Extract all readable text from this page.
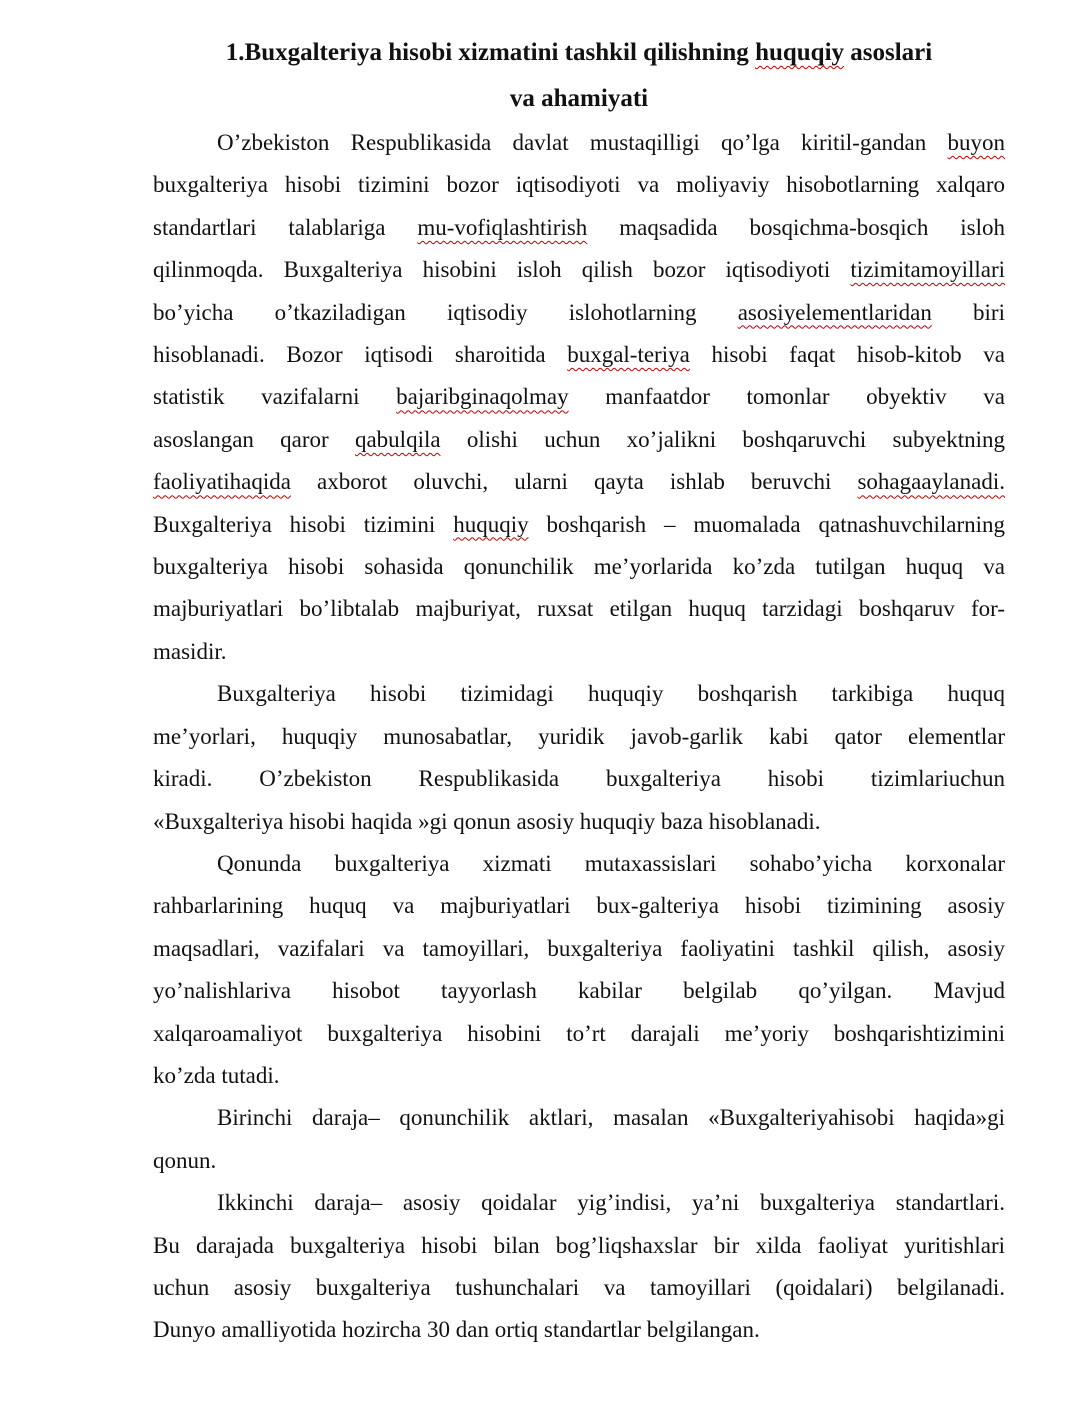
1.Buxgalteriya hisobi xizmatini tashkil qilishning huquqiy asoslari
va ahamiyati

O’zbekiston Respublikasida davlat mustaqilligi qo’lga kiritil-gandan buyon
buxgalteriya hisobi tizimini bozor iqtisodiyoti va moliyaviy hisobotlarning xalqaro
standartlari talablariga mu-vofiqlashtirish maqsadida bosqichma-bosqich isloh
qilinmoqda. Buxgalteriya hisobini isloh qilish bozor iqtisodiyoti tizimitamoyillari
bo’yicha o’tkaziladigan iqtisodiy islohotlarning asosiyelementlaridan biri
hisoblanadi. Bozor iqtisodi sharoitida buxgal-teriya hisobi faqat hisob-kitob va
statistik vazifalarni bajaribginaqolmay manfaatdor tomonlar obyektiv va
asoslangan qaror qabulqila olishi uchun xo’jalikni boshqaruvchi subyektning
faoliyatihaqida axborot oluvchi, ularni qayta ishlab beruvchi sohagaaylanadi.
Buxgalteriya hisobi tizimini huquqiy boshqarish – muomalada qatnashuvchilarning
buxgalteriya hisobi sohasida qonunchilik me’yorlarida ko’zda tutilgan huquq va
majburiyatlari bo’libtalab majburiyat, ruxsat etilgan huquq tarzidagi boshqaruv for-
masidir.

Buxgalteriya hisobi tizimidagi huquqiy boshqarish tarkibiga huquq
me’yorlari, huquqiy munosabatlar, yuridik javob-garlik kabi qator elementlar
kiradi. O’zbekiston Respublikasida buxgalteriya hisobi tizimlariuchun
«Buxgalteriya hisobi haqida »gi qonun asosiy huquqiy baza hisoblanadi.

Qonunda buxgalteriya xizmati mutaxassislari sohabo’yicha korxonalar
rahbarlarining huquq va majburiyatlari bux-galteriya hisobi tizimining asosiy
maqsadlari, vazifalari va tamoyillari, buxgalteriya faoliyatini tashkil qilish, asosiy
yo’nalishlariva hisobot tayyorlash kabilar belgilab qo’yilgan. Mavjud
xalqaroamaliyot buxgalteriya hisobini to’rt darajali me’yoriy boshqarishtizimini
ko’zda tutadi.

Birinchi daraja– qonunchilik aktlari, masalan «Buxgalteriyahisobi haqida»gi
qonun.

Ikkinchi daraja– asosiy qoidalar yig’indisi, ya’ni buxgalteriya standartlari.
Bu darajada buxgalteriya hisobi bilan bog’liqshaxslar bir xilda faoliyat yuritishlari
uchun asosiy buxgalteriya tushunchalari va tamoyillari (qoidalari) belgilanadi.
Dunyo amalliyotida hozircha 30 dan ortiq standartlar belgilangan.
